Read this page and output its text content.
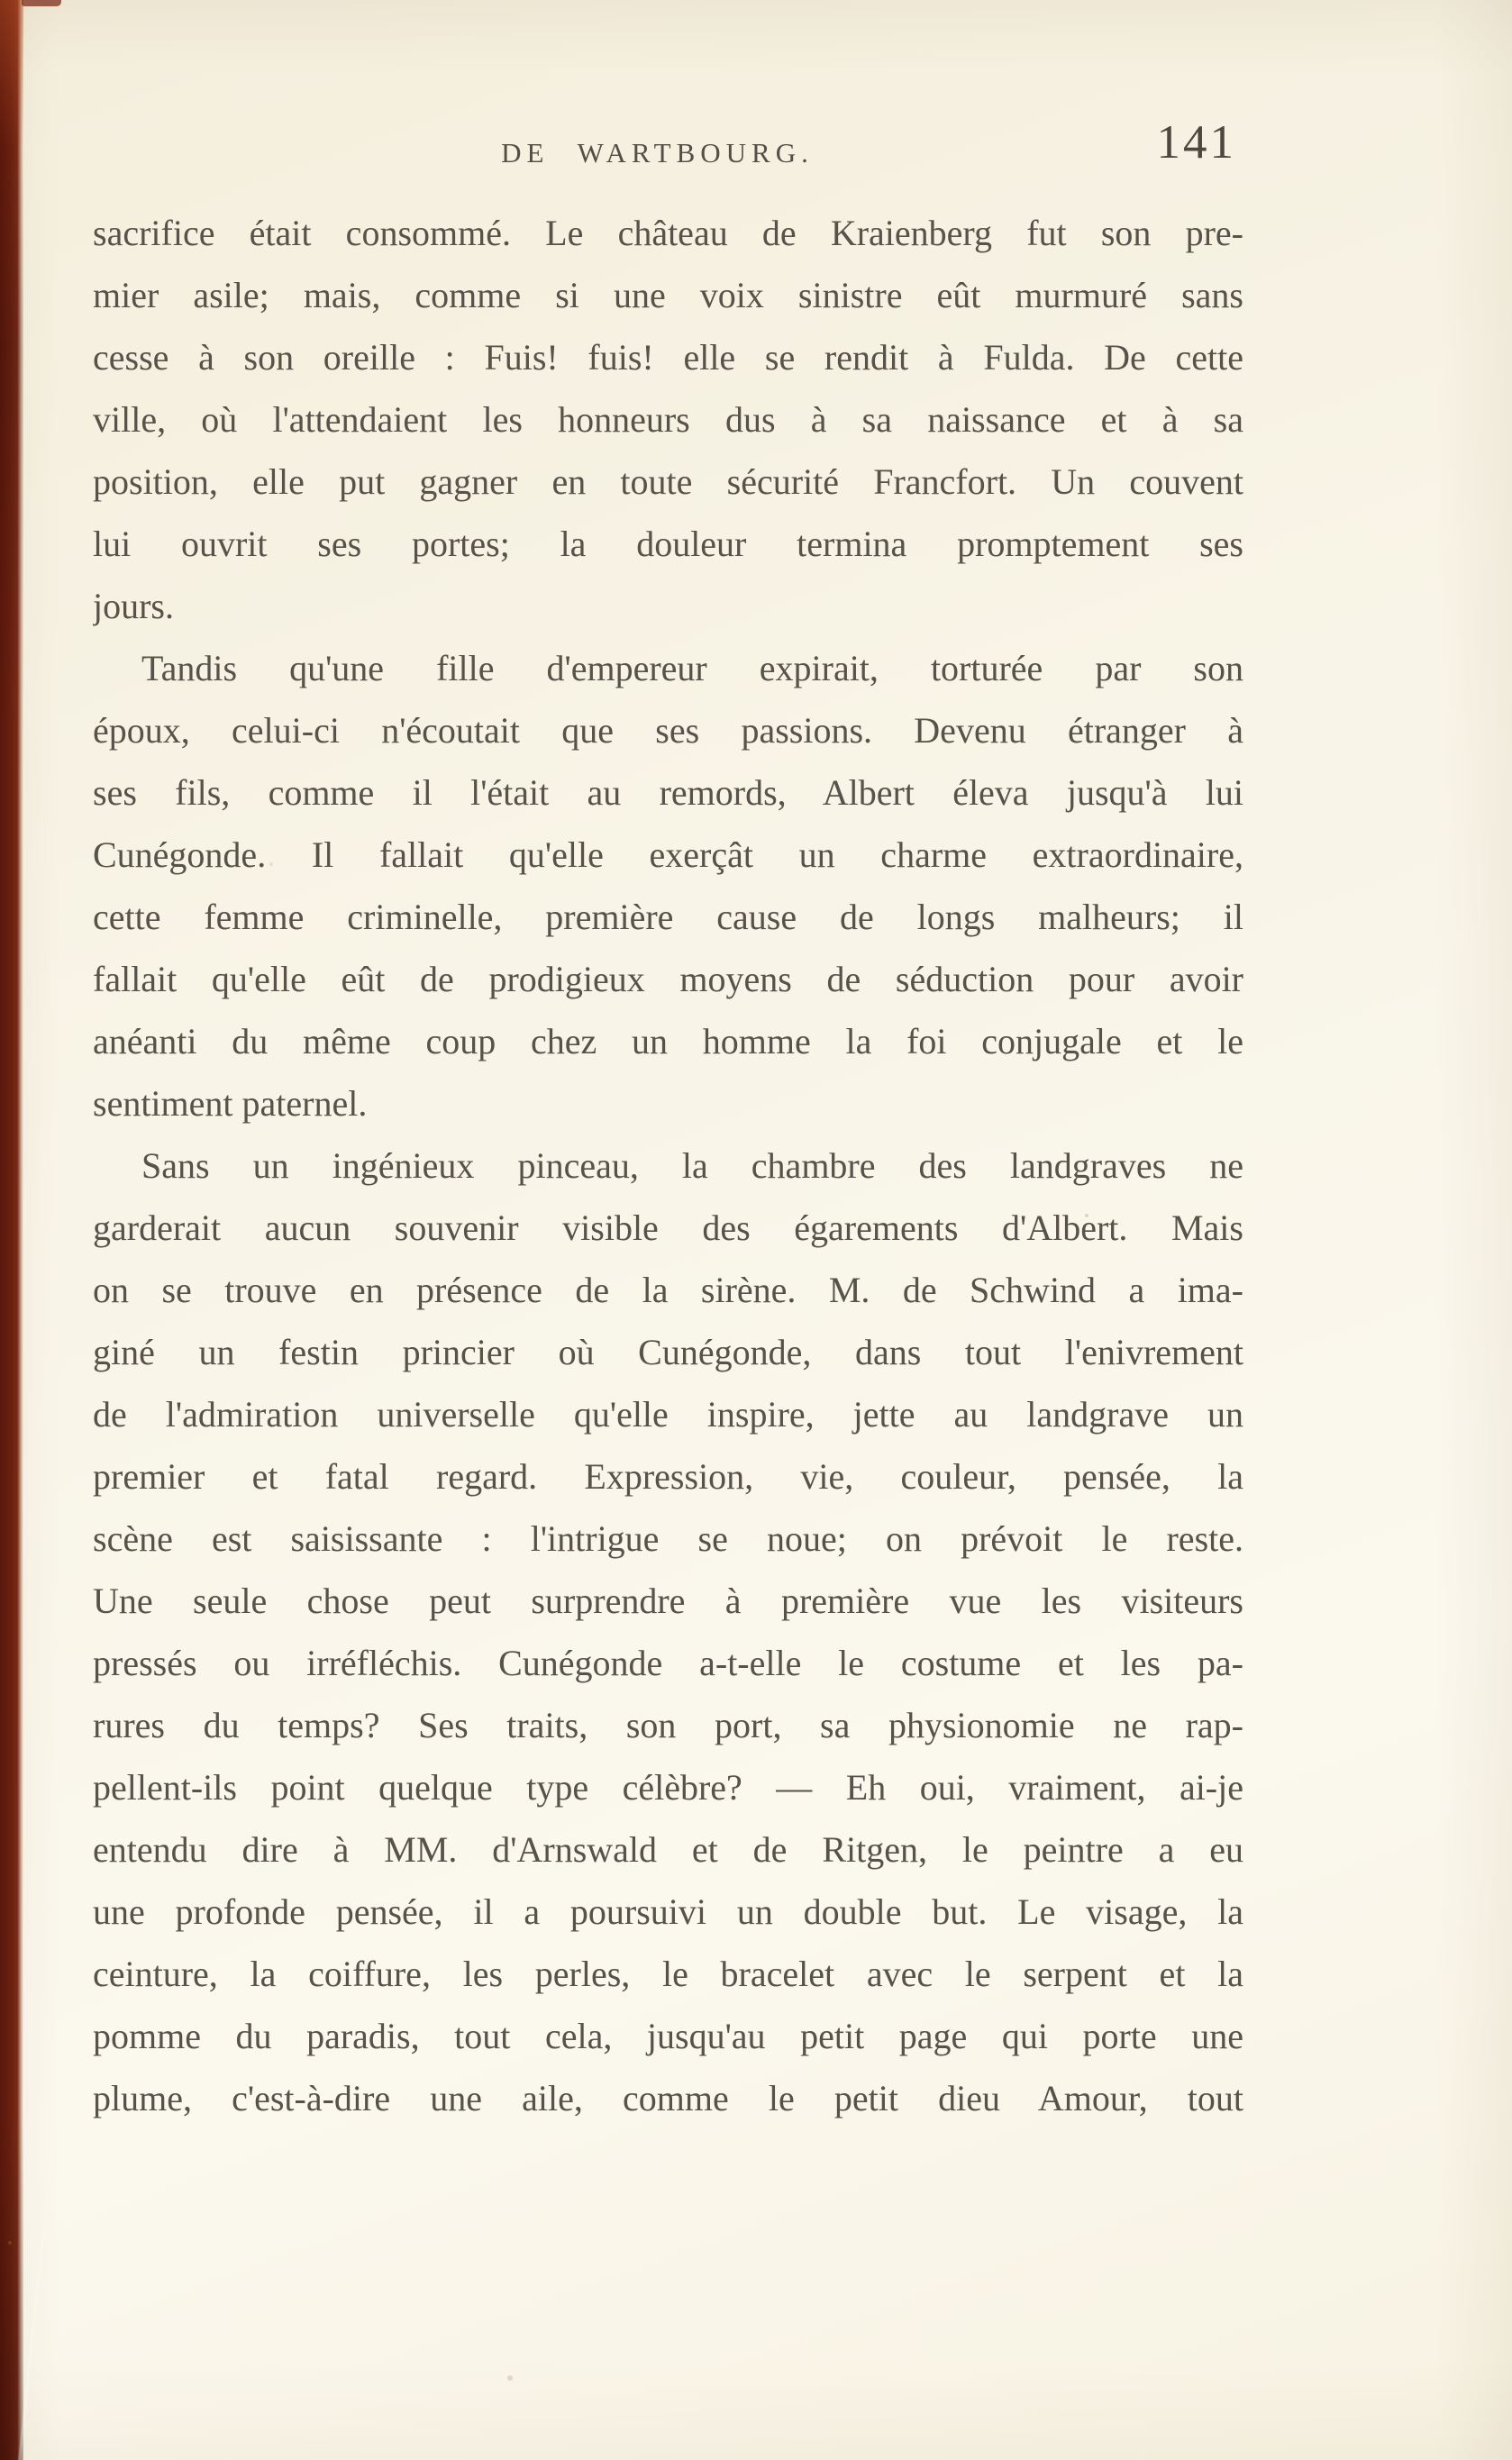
DE WARTBOURG.	141
sacrifice était consommé. Le château de Kraienberg fut son pre-
mier asile; mais, comme si une voix sinistre eût murmuré sans
cesse à son oreille : Fuis! fuis! elle se rendit à Fulda. De cette
ville, où l'attendaient les honneurs dus à sa naissance et à sa
position, elle put gagner en toute sécurité Francfort. Un couvent
lui ouvrit ses portes; la douleur termina promptement ses
jours.
Tandis qu'une fille d'empereur expirait, torturée par son
époux, celui-ci n'écoutait que ses passions. Devenu étranger à
ses fils, comme il l'était au remords, Albert éleva jusqu'à lui
Cunégonde. Il fallait qu'elle exerçât un charme extraordinaire,
cette femme criminelle, première cause de longs malheurs; il
fallait qu'elle eût de prodigieux moyens de séduction pour avoir
anéanti du même coup chez un homme la foi conjugale et le
sentiment paternel.
Sans un ingénieux pinceau, la chambre des landgraves ne
garderait aucun souvenir visible des égarements d'Albert. Mais
on se trouve en présence de la sirène. M. de Schwind a ima-
giné un festin princier où Cunégonde, dans tout l'enivrement
de l'admiration universelle qu'elle inspire, jette au landgrave un
premier et fatal regard. Expression, vie, couleur, pensée, la
scène est saisissante : l'intrigue se noue; on prévoit le reste.
Une seule chose peut surprendre à première vue les visiteurs
pressés ou irréfléchis. Cunégonde a-t-elle le costume et les pa-
rures du temps? Ses traits, son port, sa physionomie ne rap-
pellent-ils point quelque type célèbre? — Eh oui, vraiment, ai-je
entendu dire à MM. d'Arnswald et de Ritgen, le peintre a eu
une profonde pensée, il a poursuivi un double but. Le visage, la
ceinture, la coiffure, les perles, le bracelet avec le serpent et la
pomme du paradis, tout cela, jusqu'au petit page qui porte une
plume, c'est-à-dire une aile, comme le petit dieu Amour, tout
